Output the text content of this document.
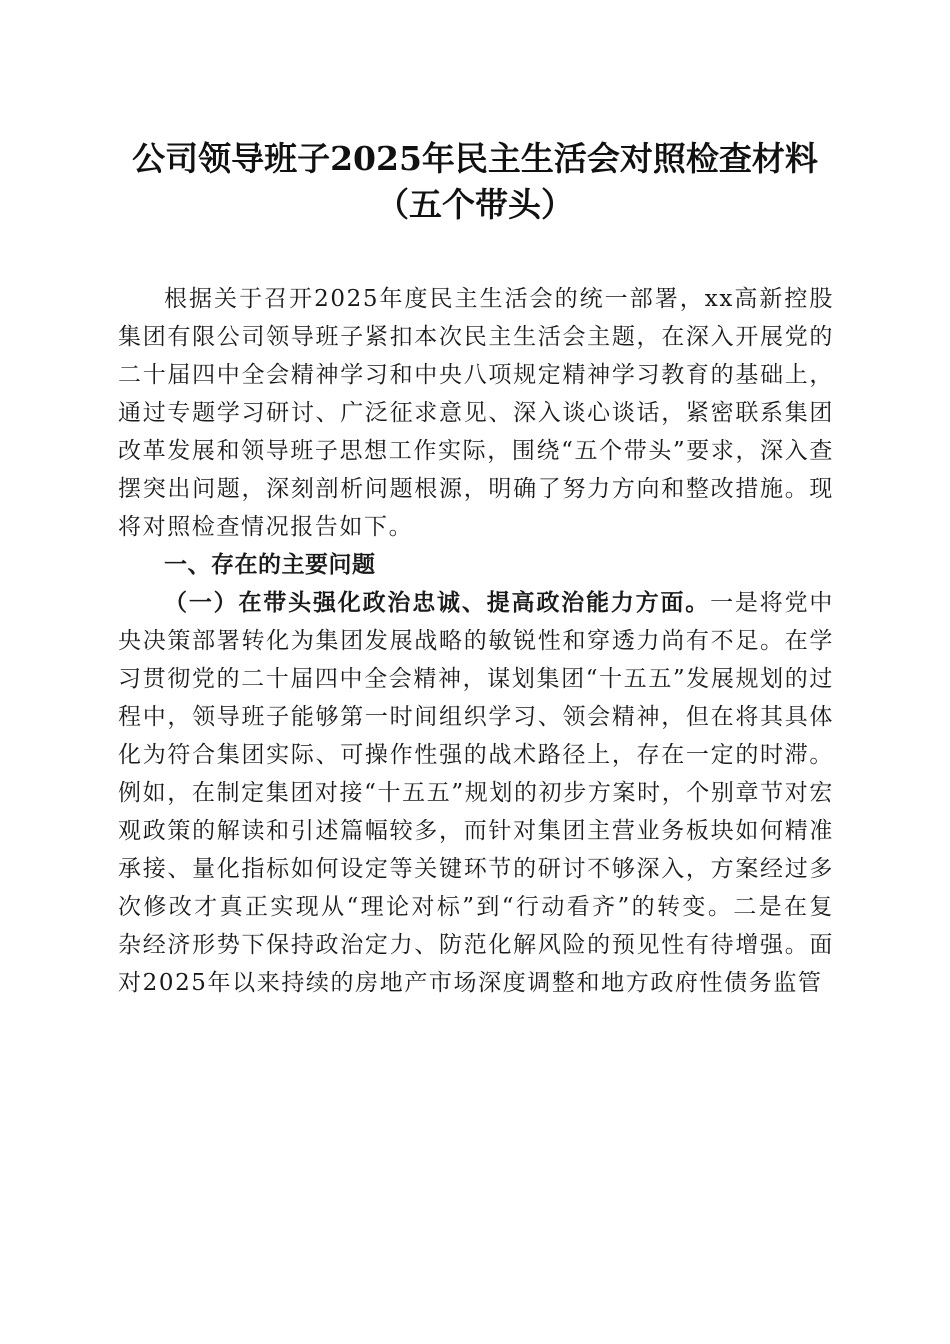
公司领导班子2025年民主生活会对照检查材料（五个带头）

根据关于召开2025年度民主生活会的统一部署，xx高新控股集团有限公司领导班子紧扣本次民主生活会主题，在深入开展党的二十届四中全会精神学习和中央八项规定精神学习教育的基础上，通过专题学习研讨、广泛征求意见、深入谈心谈话，紧密联系集团改革发展和领导班子思想工作实际，围绕“五个带头”要求，深入查摆突出问题，深刻剖析问题根源，明确了努力方向和整改措施。现将对照检查情况报告如下。

一、存在的主要问题

（一）在带头强化政治忠诚、提高政治能力方面。一是将党中央决策部署转化为集团发展战略的敏锐性和穿透力尚有不足。在学习贯彻党的二十届四中全会精神，谋划集团“十五五”发展规划的过程中，领导班子能够第一时间组织学习、领会精神，但在将其具体化为符合集团实际、可操作性强的战术路径上，存在一定的时滞。例如，在制定集团对接“十五五”规划的初步方案时，个别章节对宏观政策的解读和引述篇幅较多，而针对集团主营业务板块如何精准承接、量化指标如何设定等关键环节的研讨不够深入，方案经过多次修改才真正实现从“理论对标”到“行动看齐”的转变。二是在复杂经济形势下保持政治定力、防范化解风险的预见性有待增强。面对2025年以来持续的房地产市场深度调整和地方政府性债务监管
